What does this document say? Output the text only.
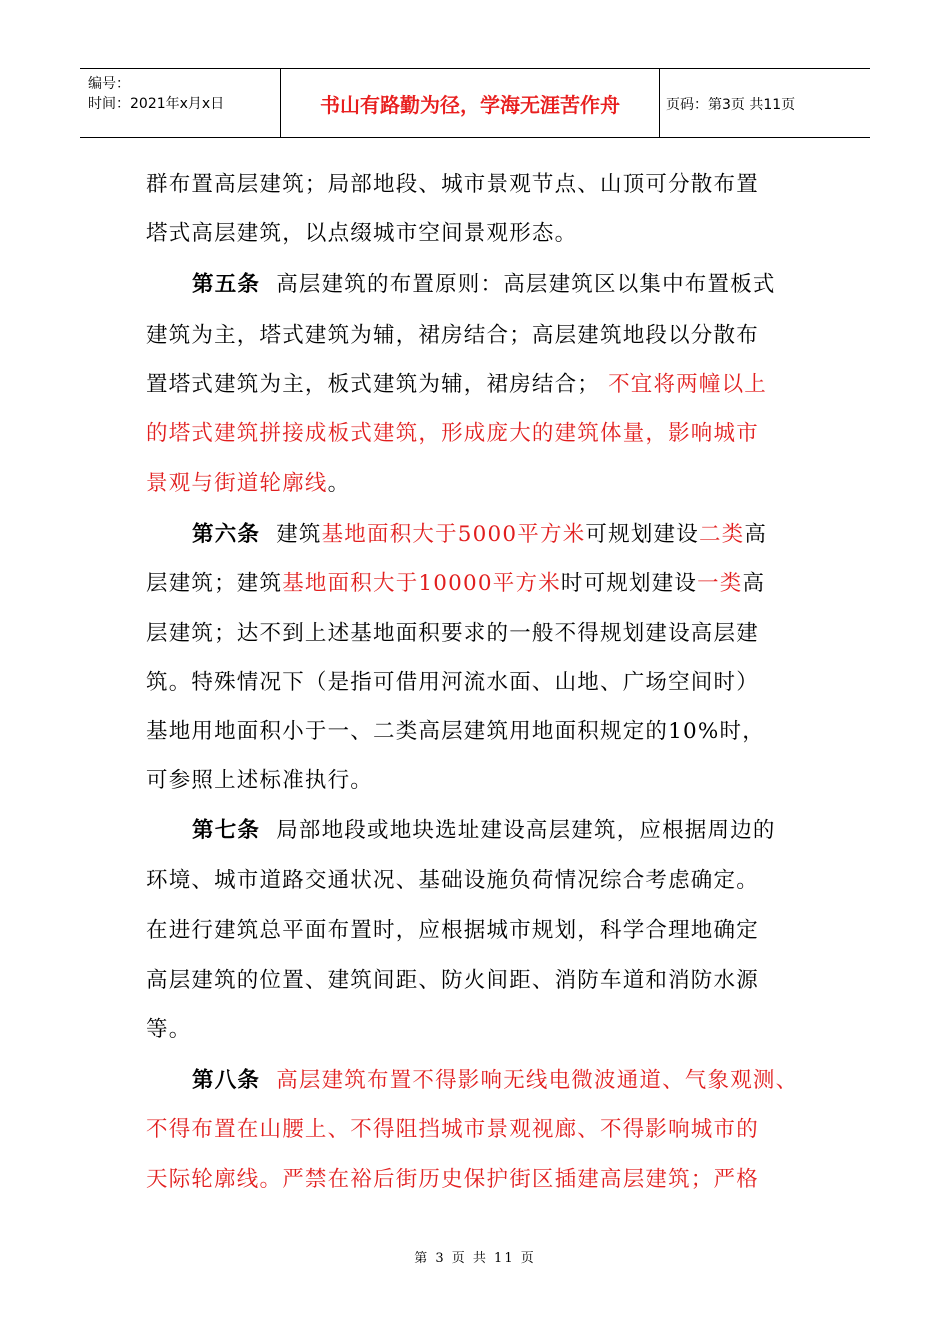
编号：
时间：2021年x月x日	书山有路勤为径，学海无涯苦作舟	页码：第3页 共11页
群布置高层建筑；局部地段、城市景观节点、山顶可分散布置
塔式高层建筑，以点缀城市空间景观形态。
第五条 高层建筑的布置原则：高层建筑区以集中布置板式
建筑为主，塔式建筑为辅，裙房结合；高层建筑地段以分散布
置塔式建筑为主，板式建筑为辅，裙房结合； 不宜将两幢以上
的塔式建筑拼接成板式建筑，形成庞大的建筑体量，影响城市
景观与街道轮廓线。
第六条 建筑基地面积大于5000平方米可规划建设二类高
层建筑；建筑基地面积大于10000平方米时可规划建设一类高
层建筑；达不到上述基地面积要求的一般不得规划建设高层建
筑。特殊情况下（是指可借用河流水面、山地、广场空间时）
基地用地面积小于一、二类高层建筑用地面积规定的10%时，
可参照上述标准执行。
第七条 局部地段或地块选址建设高层建筑，应根据周边的
环境、城市道路交通状况、基础设施负荷情况综合考虑确定。
在进行建筑总平面布置时，应根据城市规划，科学合理地确定
高层建筑的位置、建筑间距、防火间距、消防车道和消防水源
等。
第八条 高层建筑布置不得影响无线电微波通道、气象观测、
不得布置在山腰上、不得阻挡城市景观视廊、不得影响城市的
天际轮廓线。严禁在裕后街历史保护街区插建高层建筑；严格
第 3 页 共 11 页
